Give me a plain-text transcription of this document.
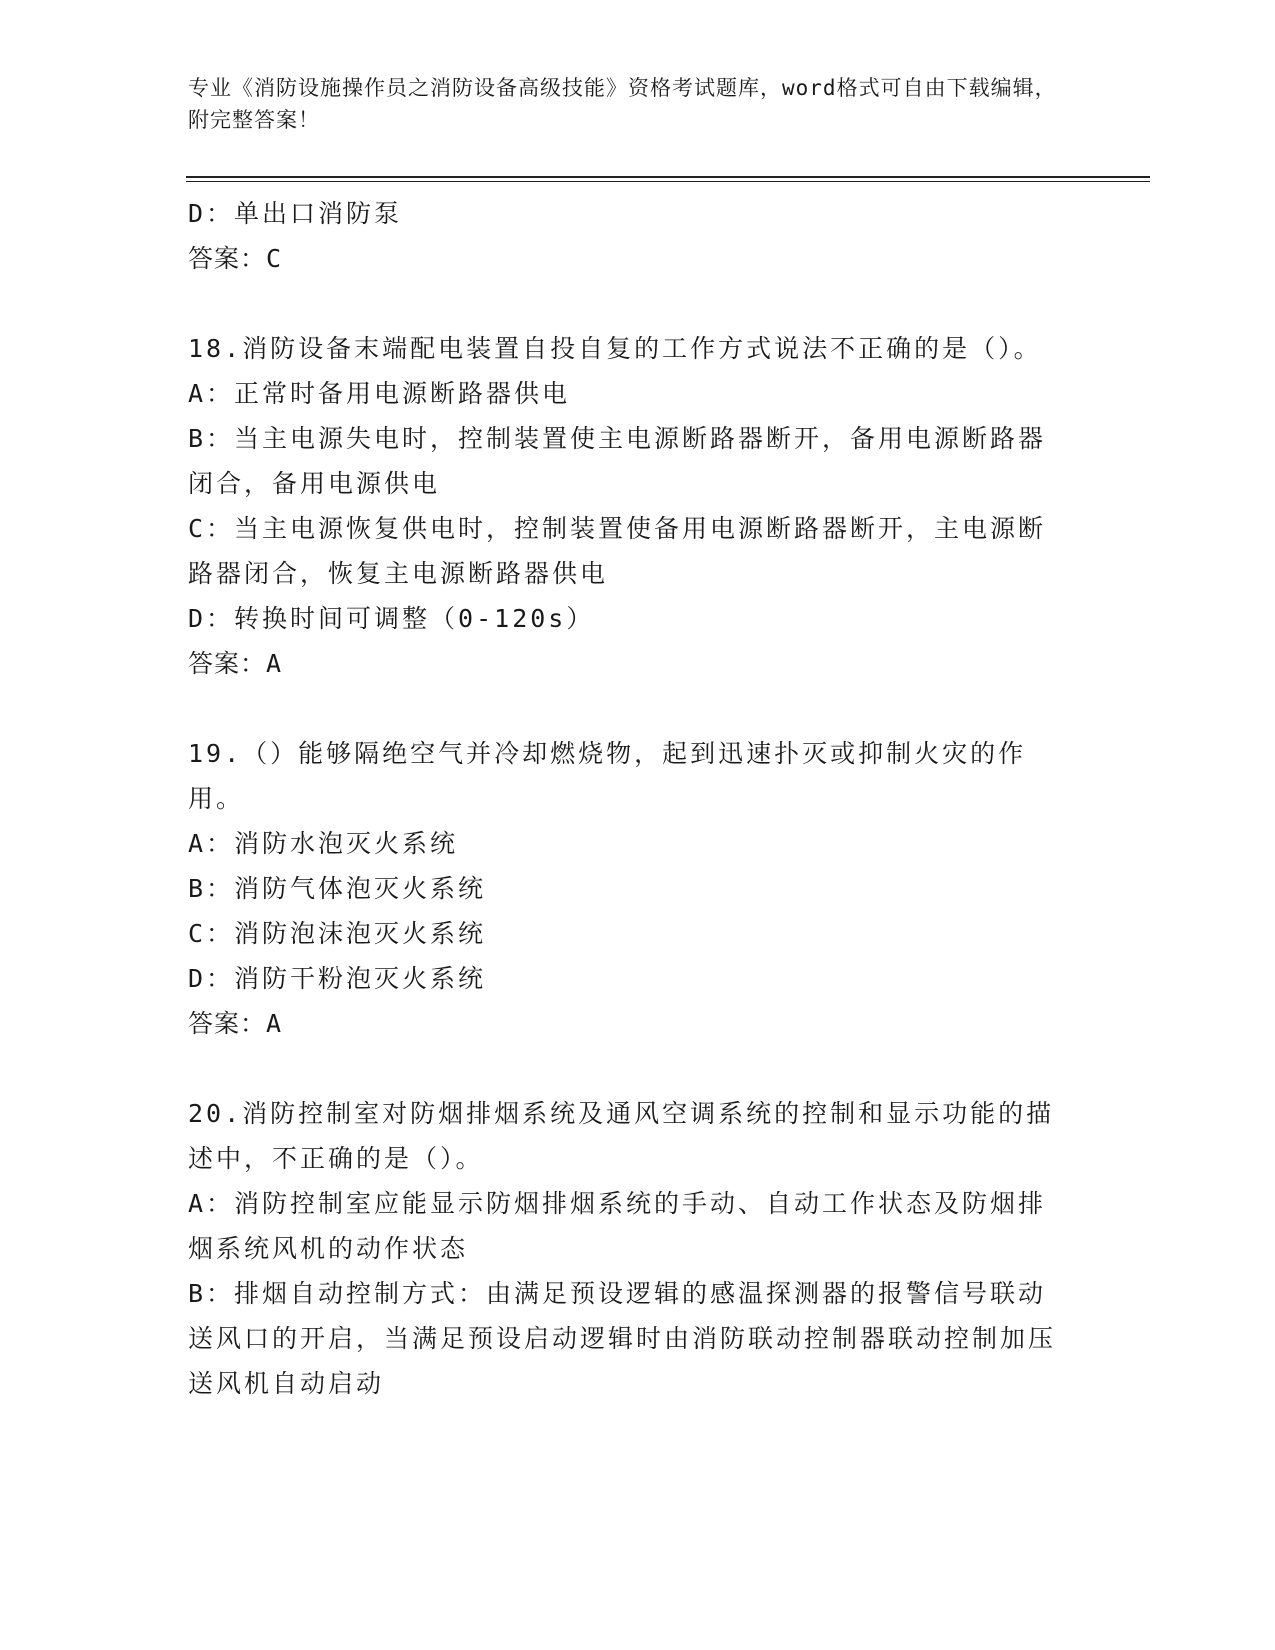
专业《消防设施操作员之消防设备高级技能》资格考试题库，word格式可自由下载编辑，附完整答案！
D：单出口消防泵
答案：C
18.消防设备末端配电装置自投自复的工作方式说法不正确的是（）。
A：正常时备用电源断路器供电
B：当主电源失电时，控制装置使主电源断路器断开，备用电源断路器闭合，备用电源供电
C：当主电源恢复供电时，控制装置使备用电源断路器断开，主电源断路器闭合，恢复主电源断路器供电
D：转换时间可调整（0-120s）
答案：A
19.（）能够隔绝空气并冷却燃烧物，起到迅速扑灭或抑制火灾的作用。
A：消防水泡灭火系统
B：消防气体泡灭火系统
C：消防泡沫泡灭火系统
D：消防干粉泡灭火系统
答案：A
20.消防控制室对防烟排烟系统及通风空调系统的控制和显示功能的描述中，不正确的是（）。
A：消防控制室应能显示防烟排烟系统的手动、自动工作状态及防烟排烟系统风机的动作状态
B：排烟自动控制方式：由满足预设逻辑的感温探测器的报警信号联动送风口的开启，当满足预设启动逻辑时由消防联动控制器联动控制加压送风机自动启动
